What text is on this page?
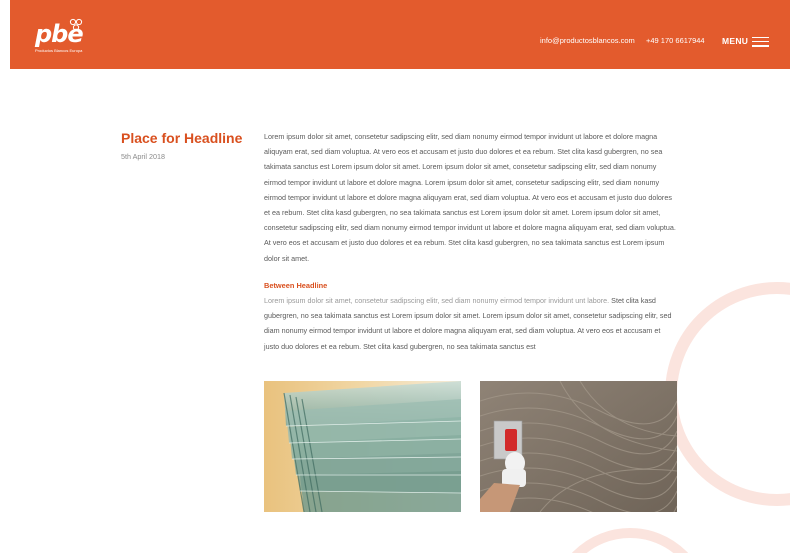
pbe
Productos Blancos Europa
info@productosblancos.com +49 170 6617944 MENU
Place for Headline
5th April 2018

Lorem ipsum dolor sit amet, consetetur sadipscing elitr, sed diam nonumy eirmod tempor invidunt ut labore et dolore magna aliquyam erat, sed diam voluptua. At vero eos et accusam et justo duo dolores et ea rebum. Stet clita kasd gubergren, no sea takimata sanctus est Lorem ipsum dolor sit amet. Lorem ipsum dolor sit amet, consetetur sadipscing elitr, sed diam nonumy eirmod tempor invidunt ut labore et dolore magna. Lorem ipsum dolor sit amet, consetetur sadipscing elitr, sed diam nonumy eirmod tempor invidunt ut labore et dolore magna aliquyam erat, sed diam voluptua. At vero eos et accusam et justo duo dolores et ea rebum. Stet clita kasd gubergren, no sea takimata sanctus est Lorem ipsum dolor sit amet. Lorem ipsum dolor sit amet, consetetur sadipscing elitr, sed diam nonumy eirmod tempor invidunt ut labore et dolore magna aliquyam erat, sed diam voluptua. At vero eos et accusam et justo duo dolores et ea rebum. Stet clita kasd gubergren, no sea takimata sanctus est Lorem ipsum dolor sit amet.

Between Headline

Lorem ipsum dolor sit amet, consetetur sadipscing elitr, sed diam nonumy eirmod tempor invidunt unt labore. Stet clita kasd gubergren, no sea takimata sanctus est Lorem ipsum dolor sit amet. Lorem ipsum dolor sit amet, consetetur sadipscing elitr, sed diam nonumy eirmod tempor invidunt ut labore et dolore magna aliquyam erat, sed diam voluptua. At vero eos et accusam et justo duo dolores et ea rebum. Stet clita kasd gubergren, no sea takimata sanctus est
